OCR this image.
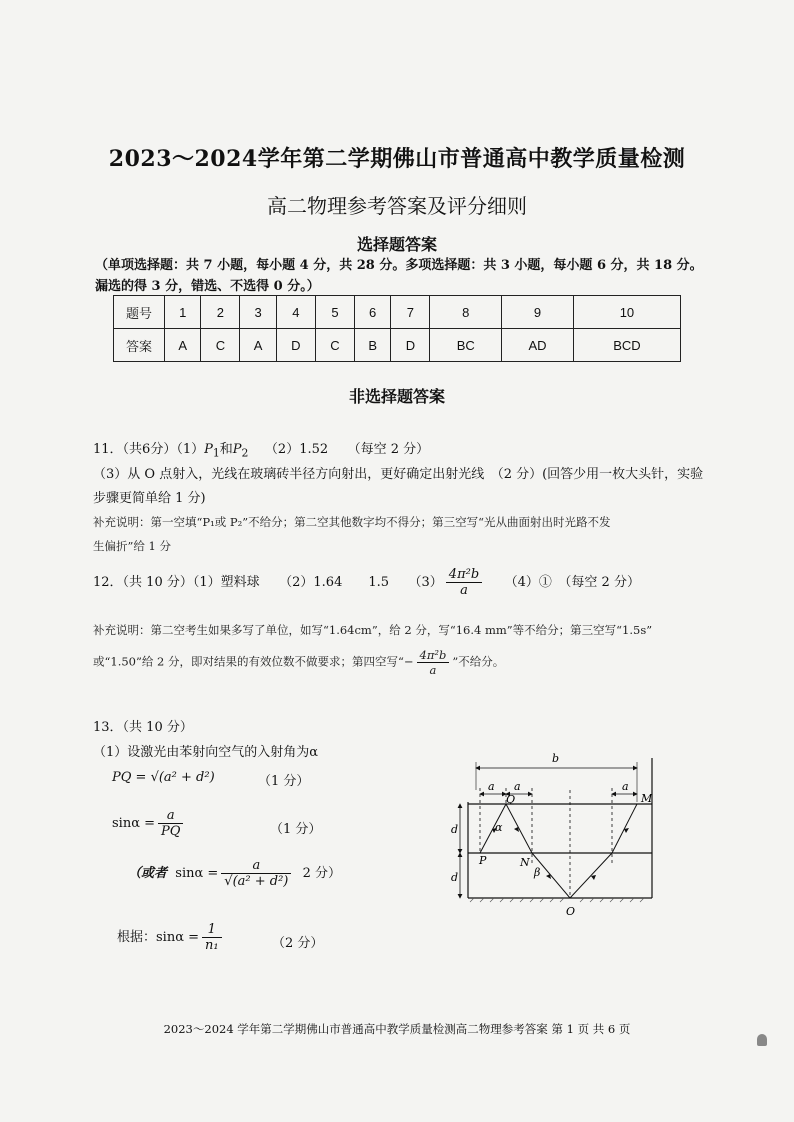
2023～2024学年第二学期佛山市普通高中教学质量检测
高二物理参考答案及评分细则
选择题答案
（单项选择题：共 7 小题，每小题 4 分，共 28 分。多项选择题：共 3 小题，每小题 6 分，共 18 分。漏选的得 3 分，错选、不选得 0 分。）
题号	1	2	3	4	5	6	7	8	9	10
答案	A	C	A	D	C	B	D	BC	AD	BCD
非选择题答案
11．（共6分）$(1)P_1$和$P_2$ （2）1.52　　（每空 2 分）
（3）从 O 点射入，光线在玻璃砖半径方向射出，更好确定出射光线　（2 分）(回答少用一枚大头针，实验
步骤更简单给 1 分)
补充说明：第一空填“P₁或 P₂”不给分；第二空其他数字均不得分；第三空写“光从曲面射出时光路不发
生偏折”给 1 分
12．（共 10 分）（1）塑料球　　（2）1.64　　1.5　　$(3) \frac{\text{4π²b}}{a}$ 　　（4）①　（每空 2 分）
补充说明：第二空考生如果多写了单位，如写“1.64cm”，给 2 分，写“16.4 mm”等不给分；第三空写“1.5s”
或“1.50”给 2 分，即对结果的有效位数不做要求；第四空写“− $\frac{\text{4π²b}}{a}$ ”不给分。
13．（共 10 分）
（1）设激光由苯射向空气的入射角为α
PQ = √(a² + d²)	（1 分）
$\sin\alpha = \frac{a}{PQ}$	（1 分）
（或者 $\sin\alpha = \frac{a}{\text{√(a² + d²)}} 2$ 分）
根据：$\sin\alpha = \frac{1}{\text{n₁}}$	（2 分）
d
d
b
a a	a
Q	M
α
β
P	N
O
2023～2024 学年第二学期佛山市普通高中教学质量检测高二物理参考答案 第 1 页 共 6 页
